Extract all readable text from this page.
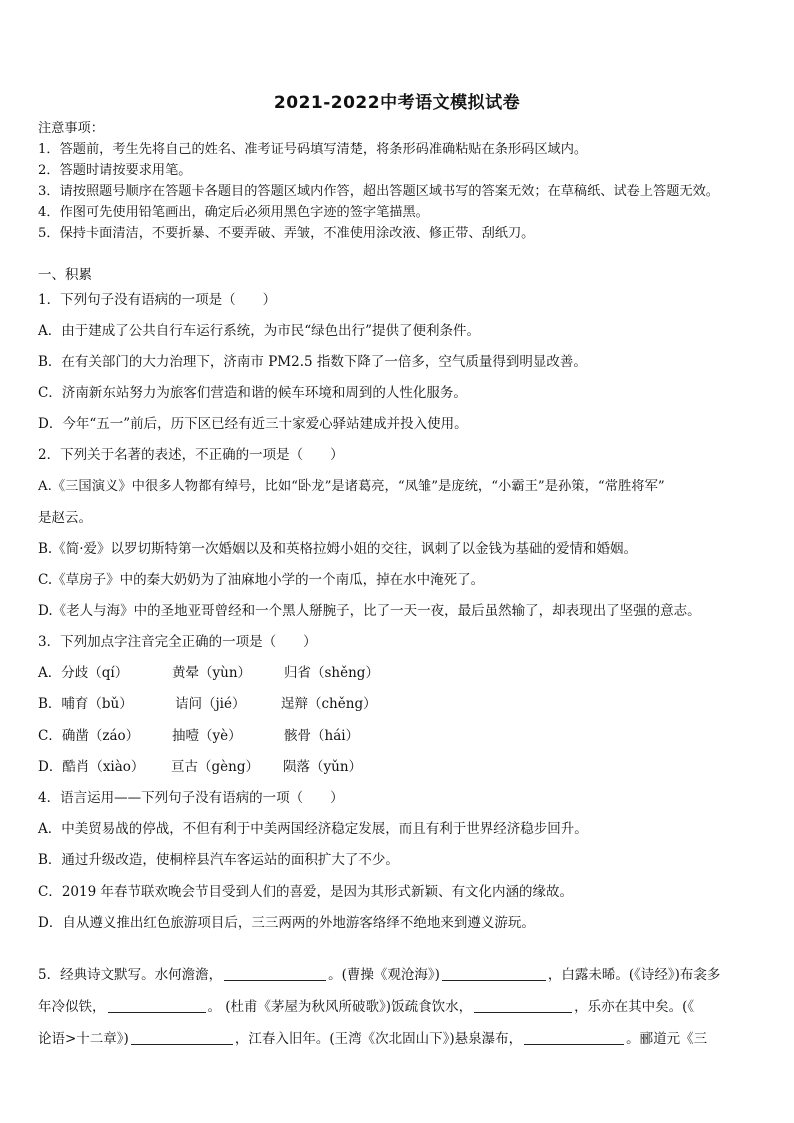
2021-2022中考语文模拟试卷
注意事项：
1．答题前，考生先将自己的姓名、准考证号码填写清楚，将条形码准确粘贴在条形码区域内。
2．答题时请按要求用笔。
3．请按照题号顺序在答题卡各题目的答题区域内作答，超出答题区域书写的答案无效；在草稿纸、试卷上答题无效。
4．作图可先使用铅笔画出，确定后必须用黑色字迹的签字笔描黑。
5．保持卡面清洁，不要折暴、不要弄破、弄皱，不准使用涂改液、修正带、刮纸刀。
一、积累
1．下列句子没有语病的一项是（　　）
A．由于建成了公共自行车运行系统，为市民“绿色出行”提供了便利条件。
B．在有关部门的大力治理下，济南市 PM2.5 指数下降了一倍多，空气质量得到明显改善。
C．济南新东站努力为旅客们营造和谐的候车环境和周到的人性化服务。
D．今年“五一”前后，历下区已经有近三十家爱心驿站建成并投入使用。
2．下列关于名著的表述，不正确的一项是（　　）
A.《三国演义》中很多人物都有绰号，比如“卧龙”是诸葛亮，“凤雏”是庞统，“小霸王”是孙策，“常胜将军”
是赵云。
B.《简·爱》以罗切斯特第一次婚姻以及和英格拉姆小姐的交往，讽刺了以金钱为基础的爱情和婚姻。
C.《草房子》中的秦大奶奶为了油麻地小学的一个南瓜，掉在水中淹死了。
D.《老人与海》中的圣地亚哥曾经和一个黑人掰腕子，比了一天一夜，最后虽然输了，却表现出了坚强的意志。
3．下列加点字注音完全正确的一项是（　　）
A．分歧（qí）	黄晕（yùn） 归省（shěng）
B．哺育（bǔ）	诘问（jié）	逞辩（chěng）
C．确凿（záo） 抽噎（yè）	骸骨（hái）
D．酷肖（xiào） 亘古（gèng） 陨落（yǔn）
4．语言运用——下列句子没有语病的一项（　　）
A．中美贸易战的停战，不但有利于中美两国经济稳定发展，而且有利于世界经济稳步回升。
B．通过升级改造，使桐梓县汽车客运站的面积扩大了不少。
C．2019 年春节联欢晚会节目受到人们的喜爱，是因为其形式新颖、有文化内涵的缘故。
D．自从遵义推出红色旅游项目后，三三两两的外地游客络绎不绝地来到遵义游玩。
5．经典诗文默写。水何澹澹，	。(曹操《观沧海》)	，白露未晞。(《诗经》)布衾多
年冷似铁，	。 (杜甫《茅屋为秋风所破歌》)饭疏食饮水，	，乐亦在其中矣。(《
论语>十二章》)	，江春入旧年。(王湾《次北固山下》)悬泉瀑布，	。郦道元《三
